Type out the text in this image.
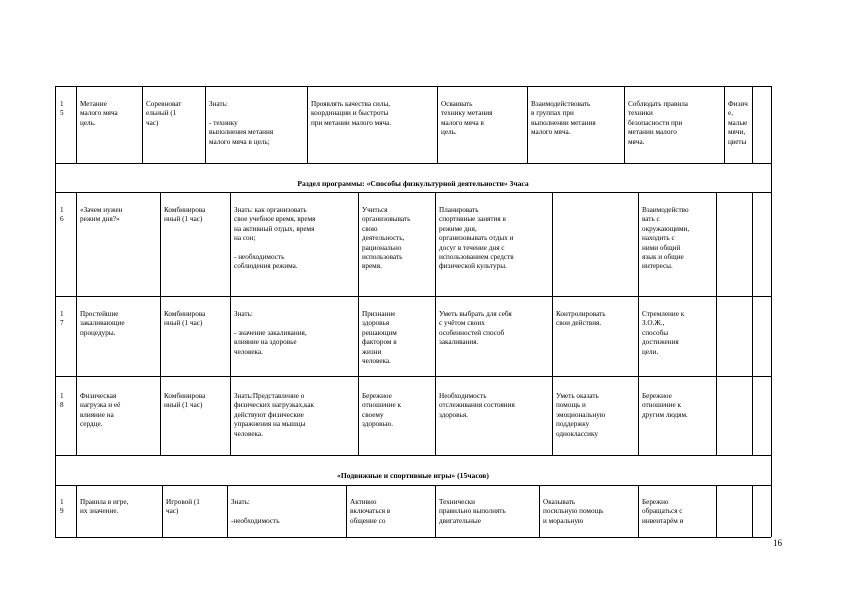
1
5
Метание
малого мяча
цель.
Соревноват
ельный (1
час)
Знать:

- технику
выполнения метания
малого мяча в цель;
Проявлять качества силы,
координации и быстроты
при метании малого мяча.
Осваивать
технику метания
малого мяча в
цель.
Взаимодействовать
в группах при
выполнении метания
малого мяча.
Соблюдать правила
техники
безопасности при
метании малого
мяча.
Физич
е,
малые
мячи,
цветы
Раздел программы: «Способы физкультурной деятельности» 3часа
1
6
«Зачем нужен
режим дня?»
Комбинирова
нный (1 час)
Знать: как организовать
свое учебное время, время
на активный отдых, время
на сон;

- необходимость
соблюдения режима.
Учиться
организовывать
свою
деятельность,
рационально
использовать
время.
Планировать
спортивные занятия в
режиме дня,
организовывать отдых и
досуг в течение дня с
использованием средств
физической культуры.
Взаимодейство
вать с
окружающими,
находить с
ними общий
язык и общие
интересы.
1
7
Простейшие
закаливающие
процедуры.
Комбинирова
нный (1 час)
Знать:

- значение закаливания,
влияние на здоровье
человека.
Признание
здоровья
решающим
фактором в
жизни
человека.
Уметь выбрать для себя
с учётом своих
особенностей способ
закаливания.
Контролировать
свои действия.
Стремление к
З.О.Ж.,
способы
достижения
цели.
1
8
Физическая
нагрузка и её
влияние на
сердце.
Комбинирова
нный (1 час)
Знать:Представление о
физических нагрузках,как
действуют физические
упражнения на мышцы
человека.
Бережное
отношение к
своему
здоровью.
Необходимость
отслеживания состояния
здоровья.
Уметь оказать
помощь и
эмоциональную
поддержку
одноклассику
Бережное
отношение к
другим людям.
«Подвижные и спортивные игры» (15часов)
1
9
Правила в игре,
их значение.
Игровой (1
час)
Знать:

-необходимость
Активно
включаться в
общение со
Технически
правильно выполнять
двигательные
Оказывать
посильную помощь
и моральную
Бережно
обращаться с
инвентарём и
16
